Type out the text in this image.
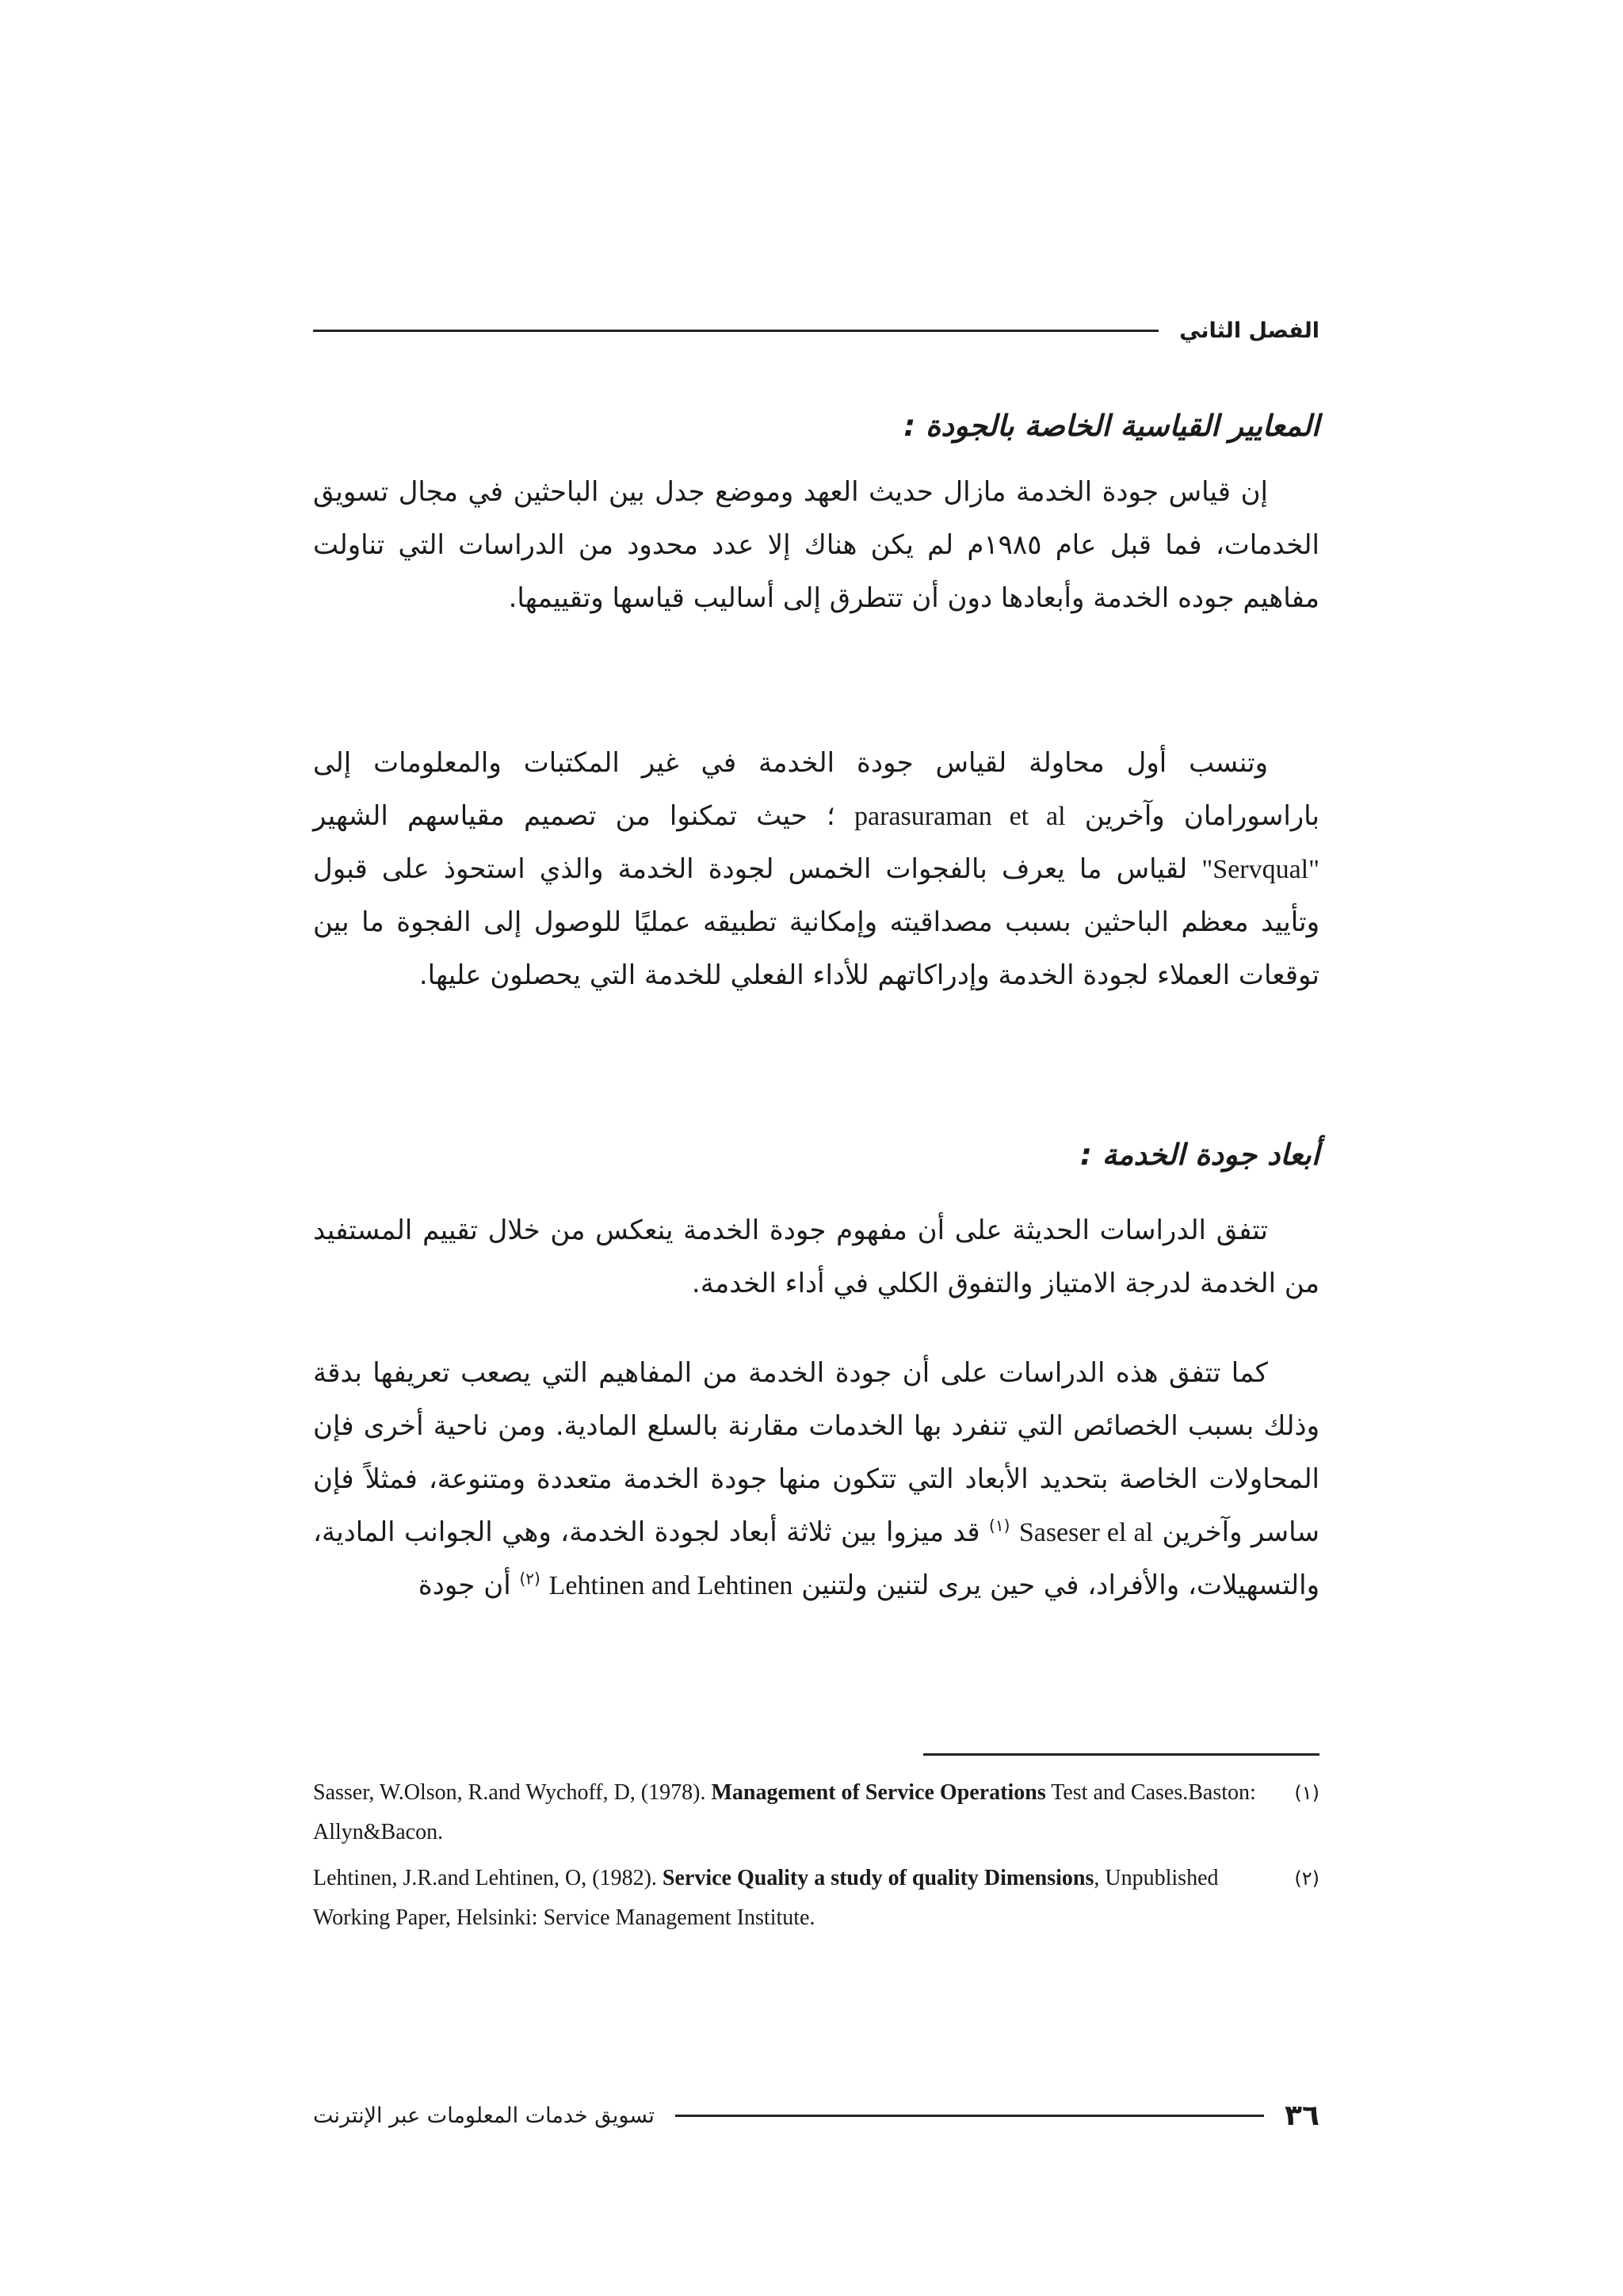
الفصل الثاني
المعايير القياسية الخاصة بالجودة :

إن قياس جودة الخدمة مازال حديث العهد وموضع جدل بين الباحثين في مجال تسويق الخدمات، فما قبل عام ١٩٨٥م لم يكن هناك إلا عدد محدود من الدراسات التي تناولت مفاهيم جوده الخدمة وأبعادها دون أن تتطرق إلى أساليب قياسها وتقييمها.

وتنسب أول محاولة لقياس جودة الخدمة في غير المكتبات والمعلومات إلى باراسورامان وآخرين parasuraman et al ؛ حيث تمكنوا من تصميم مقياسهم الشهير "Servqual" لقياس ما يعرف بالفجوات الخمس لجودة الخدمة والذي استحوذ على قبول وتأييد معظم الباحثين بسبب مصداقيته وإمكانية تطبيقه عمليًا للوصول إلى الفجوة ما بين توقعات العملاء لجودة الخدمة وإدراكاتهم للأداء الفعلي للخدمة التي يحصلون عليها.

أبعاد جودة الخدمة :

تتفق الدراسات الحديثة على أن مفهوم جودة الخدمة ينعكس من خلال تقييم المستفيد من الخدمة لدرجة الامتياز والتفوق الكلي في أداء الخدمة.

كما تتفق هذه الدراسات على أن جودة الخدمة من المفاهيم التي يصعب تعريفها بدقة وذلك بسبب الخصائص التي تنفرد بها الخدمات مقارنة بالسلع المادية. ومن ناحية أخرى فإن المحاولات الخاصة بتحديد الأبعاد التي تتكون منها جودة الخدمة متعددة ومتنوعة، فمثلاً فإن ساسر وآخرين Saseser el al $^{(١)}$ قد ميزوا بين ثلاثة أبعاد لجودة الخدمة، وهي الجوانب المادية، والتسهيلات، والأفراد، في حين يرى لتنين ولتنين Lehtinen and Lehtinen $^{(٢)}$ أن جودة

(١)
Sasser, W.Olson, R.and Wychoff, D, (1978). Management of Service Operations Test and Cases.Baston: Allyn&Bacon.
(٢)
Lehtinen, J.R.and Lehtinen, O, (1982). Service Quality a study of quality Dimensions, Unpublished Working Paper, Helsinki: Service Management Institute.
٣٦
تسويق خدمات المعلومات عبر الإنترنت
